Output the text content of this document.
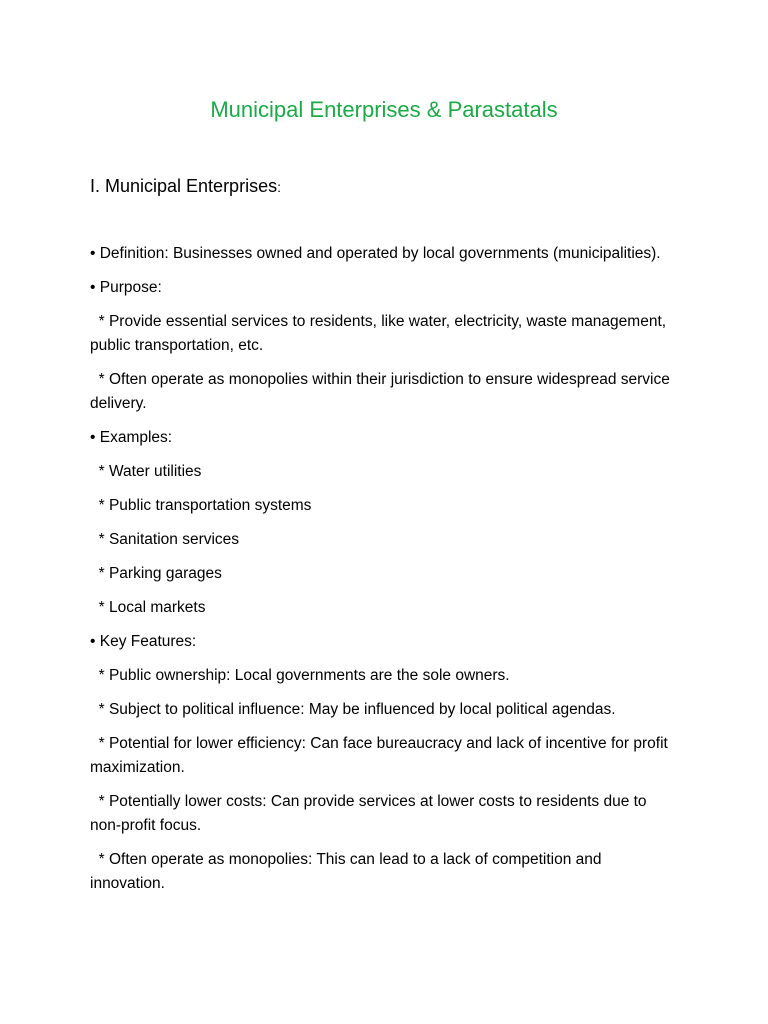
Municipal Enterprises & Parastatals
I. Municipal Enterprises:
• Definition: Businesses owned and operated by local governments (municipalities).
• Purpose:
* Provide essential services to residents, like water, electricity, waste management, public transportation, etc.
* Often operate as monopolies within their jurisdiction to ensure widespread service delivery.
• Examples:
* Water utilities
* Public transportation systems
* Sanitation services
* Parking garages
* Local markets
• Key Features:
* Public ownership: Local governments are the sole owners.
* Subject to political influence: May be influenced by local political agendas.
* Potential for lower efficiency: Can face bureaucracy and lack of incentive for profit maximization.
* Potentially lower costs: Can provide services at lower costs to residents due to non-profit focus.
* Often operate as monopolies: This can lead to a lack of competition and innovation.
